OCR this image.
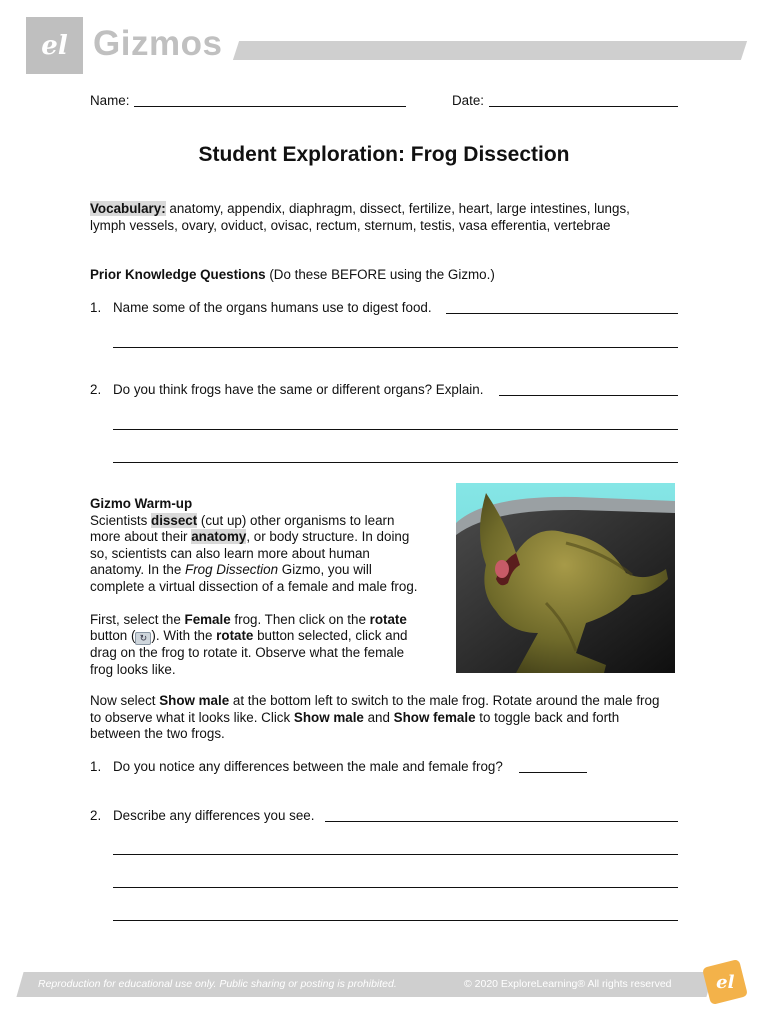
el Gizmos
Name:	Date:
Student Exploration: Frog Dissection
Vocabulary: anatomy, appendix, diaphragm, dissect, fertilize, heart, large intestines, lungs,
lymph vessels, ovary, oviduct, ovisac, rectum, sternum, testis, vasa efferentia, vertebrae
Prior Knowledge Questions (Do these BEFORE using the Gizmo.)
1. Name some of the organs humans use to digest food.
2. Do you think frogs have the same or different organs? Explain.
Gizmo Warm-up
Scientists dissect (cut up) other organisms to learn
more about their anatomy, or body structure. In doing
so, scientists can also learn more about human
anatomy. In the Frog Dissection Gizmo, you will
complete a virtual dissection of a female and male frog.
First, select the Female frog. Then click on the rotate
button ( ↻ ). With the rotate button selected, click and
drag on the frog to rotate it. Observe what the female
frog looks like.
Now select Show male at the bottom left to switch to the male frog. Rotate around the male frog
to observe what it looks like. Click Show male and Show female to toggle back and forth
between the two frogs.
1. Do you notice any differences between the male and female frog?
2. Describe any differences you see.
Reproduction for educational use only. Public sharing or posting is prohibited.	© 2020 ExploreLearning® All rights reserved el
